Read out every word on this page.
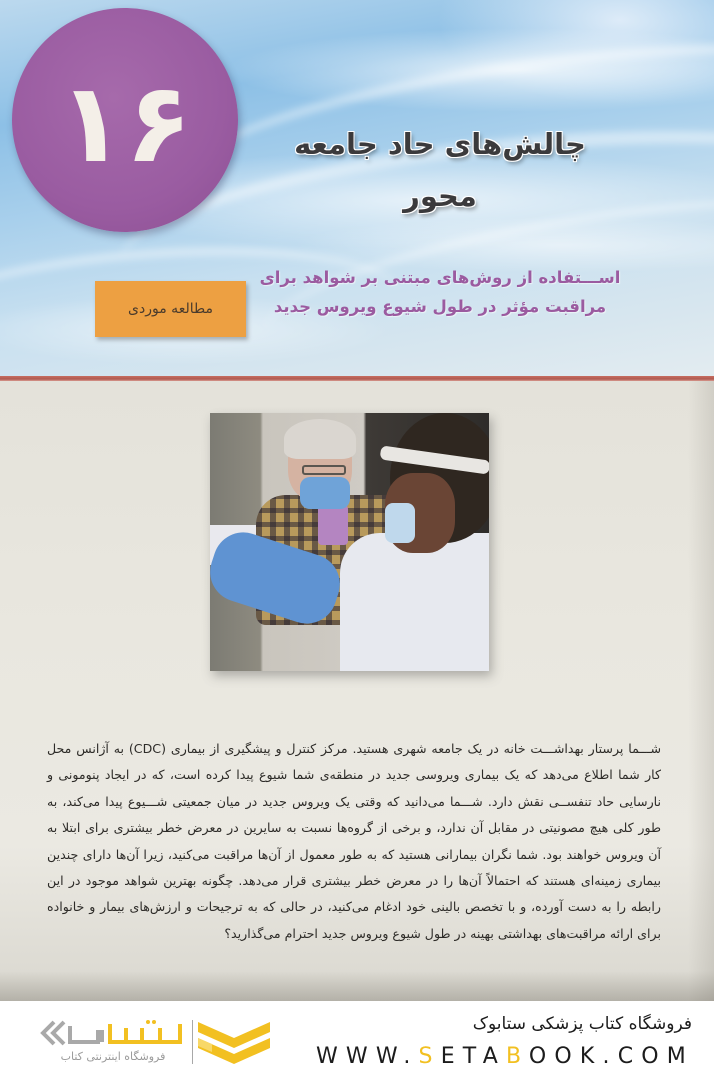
۱۶	چالش‌های حاد جامعه
محور
اســـتفاده از روش‌های مبتنی بر شواهد برای
مراقبت مؤثر در طول شیوع ویروس جدید
مطالعه موردی

شـــما پرستار بهداشـــت خانه در یک جامعه شهری هستید. مرکز کنترل و پیشگیری از بیماری (CDC) به آژانس محل کار شما اطلاع می‌دهد که یک بیماری ویروسی جدید در منطقه‌ی شما شیوع پیدا کرده است، که در ایجاد پنومونی و نارسایی حاد تنفســی نقش دارد. شـــما می‌دانید که وقتی یک ویروس جدید در میان جمعیتی شـــیوع پیدا می‌کند، به طور کلی هیچ مصونیتی در مقابل آن ندارد، و برخی از گروه‌ها نسبت به سایرین در معرض خطر بیشتری برای ابتلا به آن ویروس خواهند بود. شما نگران بیمارانی هستید که به طور معمول از آن‌ها مراقبت می‌کنید، زیرا آن‌ها دارای چندین بیماری زمینه‌ای هستند که احتمالاً آن‌ها را در معرض خطر بیشتری قرار می‌دهد. چگونه بهترین شواهد موجود در این رابطه را به دست آورده، و با تخصص بالینی خود ادغام می‌کنید، در حالی که به ترجیحات و ارزش‌های بیمار و خانواده برای ارائه مراقبت‌های بهداشتی بهینه در طول شیوع ویروس جدید احترام می‌گذارید؟

فروشگاه کتاب پزشکی ستابوک
WWW.SETABOOK.COM
فروشگاه اینترنتی کتاب
